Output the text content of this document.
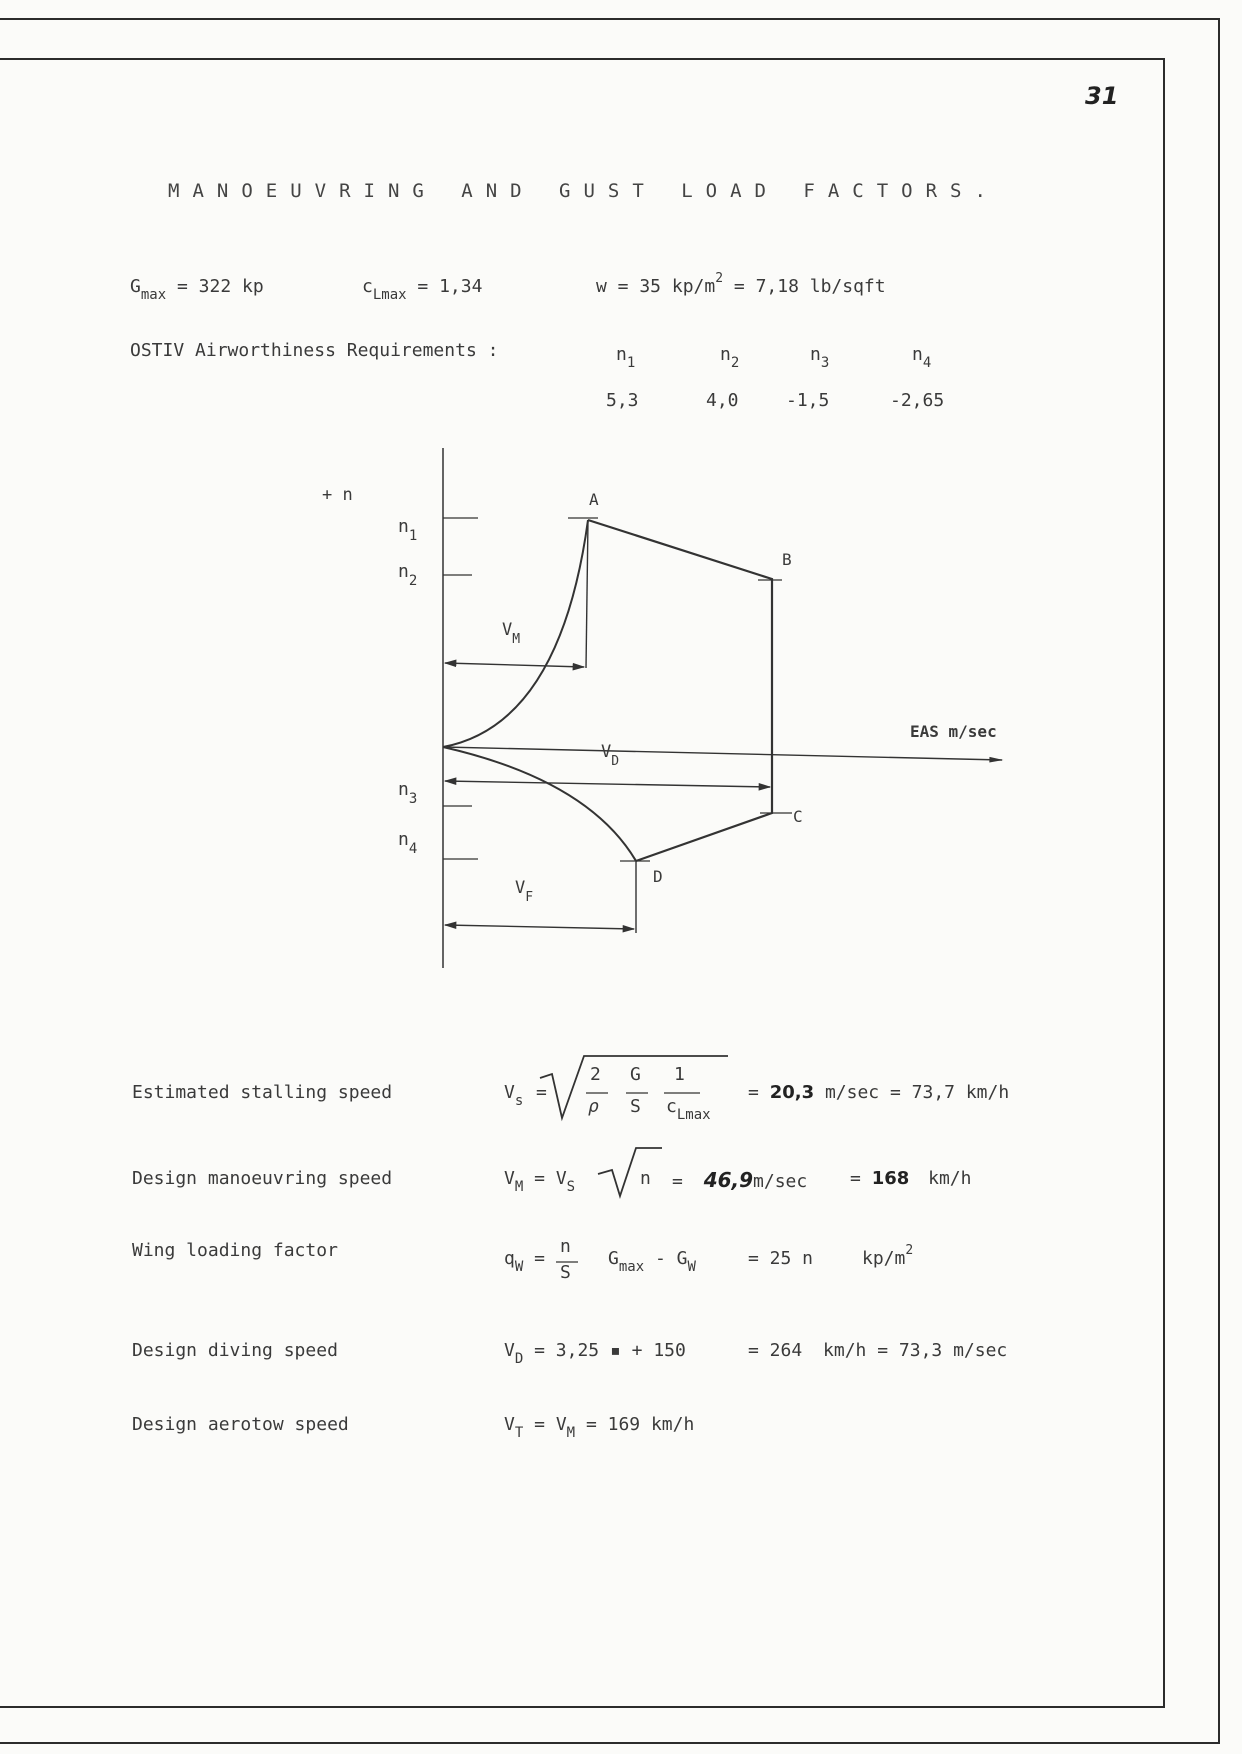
31
MANOEUVRING AND GUST LOAD FACTORS.
$G_{max} = 322$ kp	$c_{Lmax} = 1,34$	w = 35 $kp/m^2 = 7,18$ lb/sqft
OSTIV Airworthiness Requirements :	$n_1$	$n_2$	$n_3$	$n_4$
5,3	4,0	-1,5	-2,65
+ n	A
B
C
D
EAS m/sec
$n_1$
$n_2$
$n_3$
$n_4$
$V_M$
$V_D$
$V_F$
Estimated stalling speed	$V_s$ =
2
ρ
G
S
1
$c_{Lmax}$
= 20,3 m/sec = 73,7 km/h
Design manoeuvring speed	$V_M = V_S$	n = 46,9m/sec = 168 km/h
Wing loading factor	$q_W$ =
n
S
$G_{max} - G_W$	= 25 n	$kp/m^2$
Design diving speed	$V_D = 3,25$ ▪ + 150	= 264 km/h = 73,3 m/sec
Design aerotow speed	$V_T = V_M = 169$ km/h
